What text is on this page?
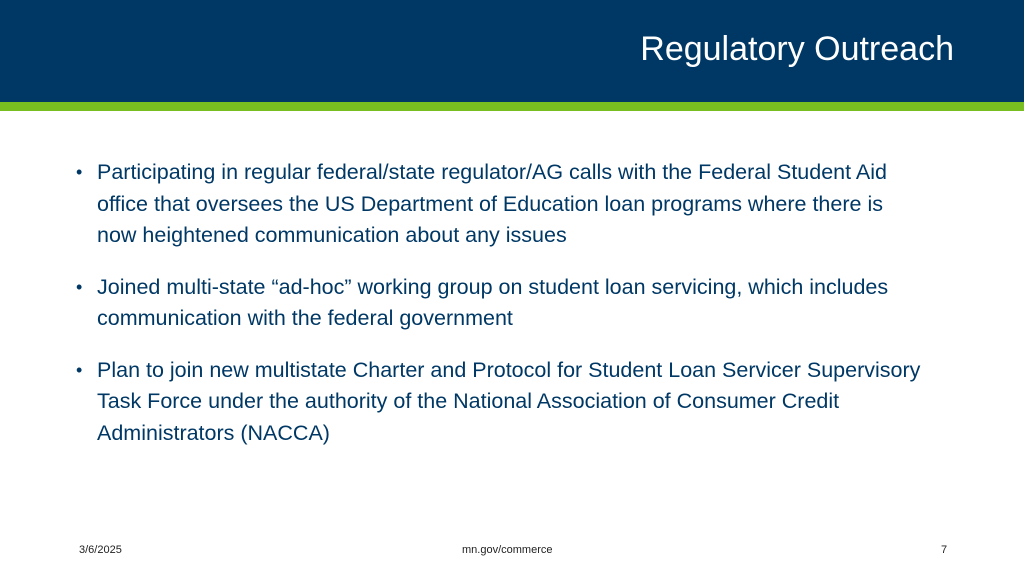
Regulatory Outreach
• Participating in regular federal/state regulator/AG calls with the Federal Student Aid office that oversees the US Department of Education loan programs where there is now heightened communication about any issues
• Joined multi-state “ad-hoc” working group on student loan servicing, which includes communication with the federal government
• Plan to join new multistate Charter and Protocol for Student Loan Servicer Supervisory Task Force under the authority of the National Association of Consumer Credit Administrators (NACCA)
3/6/2025	mn.gov/commerce	7
